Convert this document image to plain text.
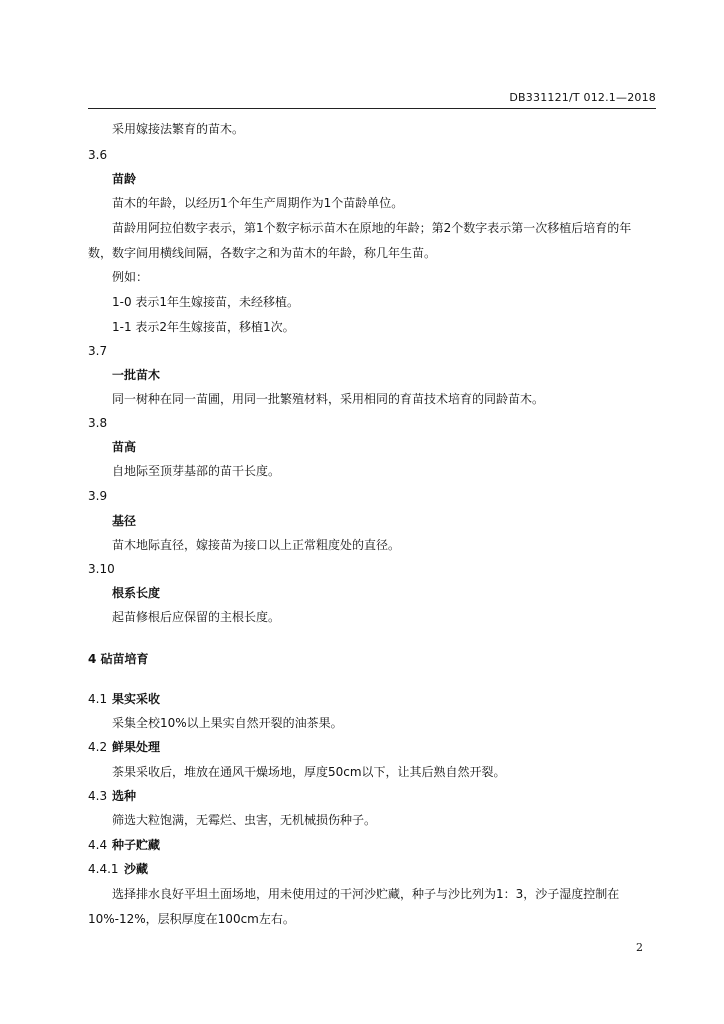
DB331121/T 012.1—2018
采用嫁接法繁育的苗木。
3.6
苗龄
苗木的年龄，以经历1个年生产周期作为1个苗龄单位。
苗龄用阿拉伯数字表示，第1个数字标示苗木在原地的年龄；第2个数字表示第一次移植后培育的年
数，数字间用横线间隔，各数字之和为苗木的年龄，称几年生苗。
例如：
1-0 表示1年生嫁接苗，未经移植。
1-1 表示2年生嫁接苗，移植1次。
3.7
一批苗木
同一树种在同一苗圃，用同一批繁殖材料，采用相同的育苗技术培育的同龄苗木。
3.8
苗高
自地际至顶芽基部的苗干长度。
3.9
基径
苗木地际直径，嫁接苗为接口以上正常粗度处的直径。
3.10
根系长度
起苗修根后应保留的主根长度。
4 砧苗培育
4.1 果实采收
采集全校10%以上果实自然开裂的油茶果。
4.2 鲜果处理
茶果采收后，堆放在通风干燥场地，厚度50cm以下，让其后熟自然开裂。
4.3 选种
筛选大粒饱满，无霉烂、虫害，无机械损伤种子。
4.4 种子贮藏
4.4.1 沙藏
选择排水良好平坦土面场地，用未使用过的干河沙贮藏，种子与沙比列为1：3，沙子湿度控制在
10%-12%，层积厚度在100cm左右。
2
